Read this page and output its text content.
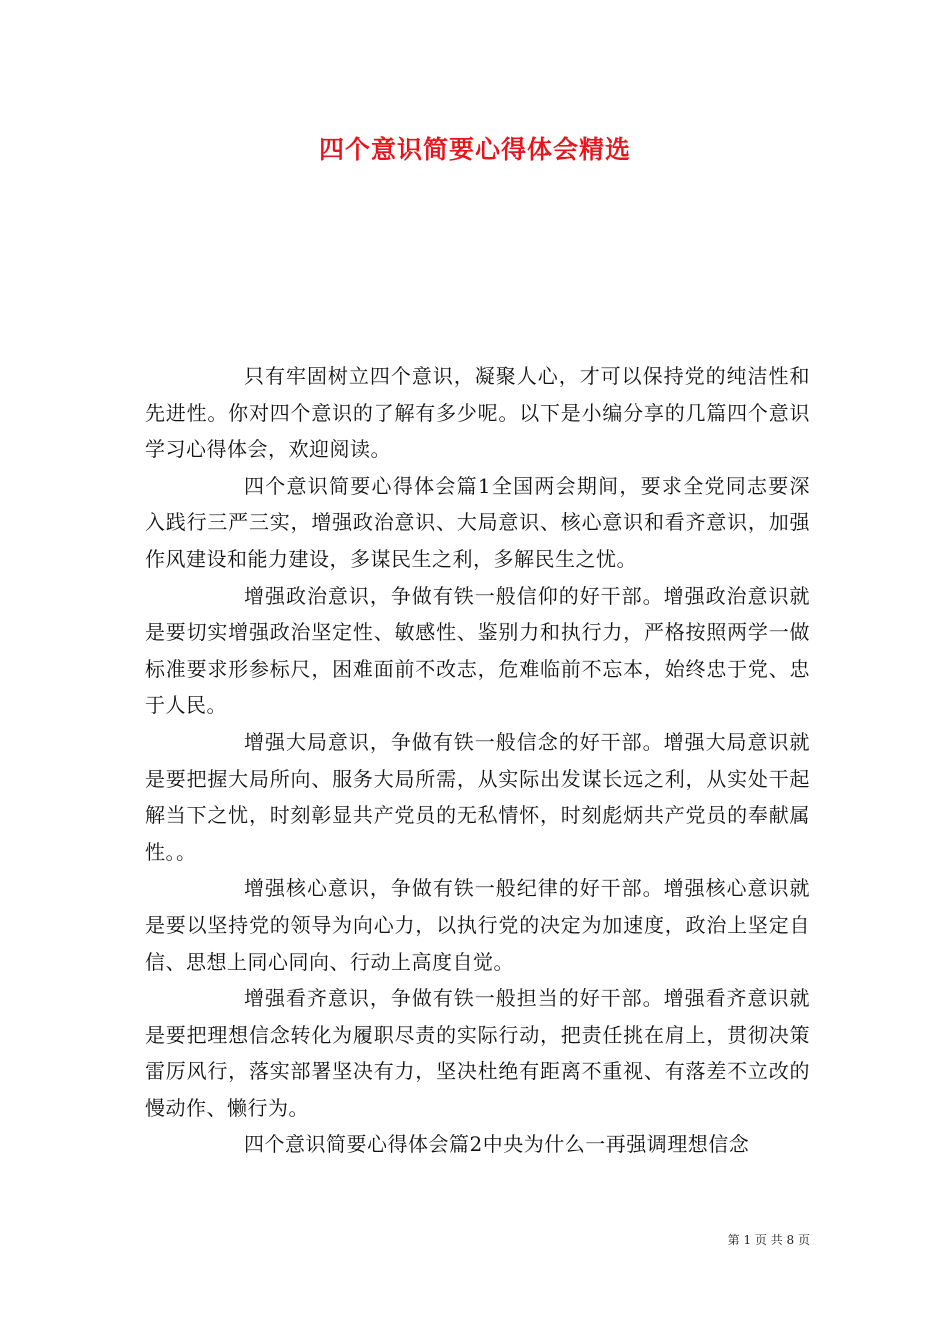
四个意识简要心得体会精选

只有牢固树立四个意识，凝聚人心，才可以保持党的纯洁性和先进性。你对四个意识的了解有多少呢。以下是小编分享的几篇四个意识学习心得体会，欢迎阅读。

四个意识简要心得体会篇1全国两会期间，要求全党同志要深入践行三严三实，增强政治意识、大局意识、核心意识和看齐意识，加强作风建设和能力建设，多谋民生之利，多解民生之忧。

增强政治意识，争做有铁一般信仰的好干部。增强政治意识就是要切实增强政治坚定性、敏感性、鉴别力和执行力，严格按照两学一做标准要求形参标尺，困难面前不改志，危难临前不忘本，始终忠于党、忠于人民。

增强大局意识，争做有铁一般信念的好干部。增强大局意识就是要把握大局所向、服务大局所需，从实际出发谋长远之利，从实处干起解当下之忧，时刻彰显共产党员的无私情怀，时刻彪炳共产党员的奉献属性。。

增强核心意识，争做有铁一般纪律的好干部。增强核心意识就是要以坚持党的领导为向心力，以执行党的决定为加速度，政治上坚定自信、思想上同心同向、行动上高度自觉。

增强看齐意识，争做有铁一般担当的好干部。增强看齐意识就是要把理想信念转化为履职尽责的实际行动，把责任挑在肩上，贯彻决策雷厉风行，落实部署坚决有力，坚决杜绝有距离不重视、有落差不立改的慢动作、懒行为。

四个意识简要心得体会篇2中央为什么一再强调理想信念

第 1 页 共 8 页
